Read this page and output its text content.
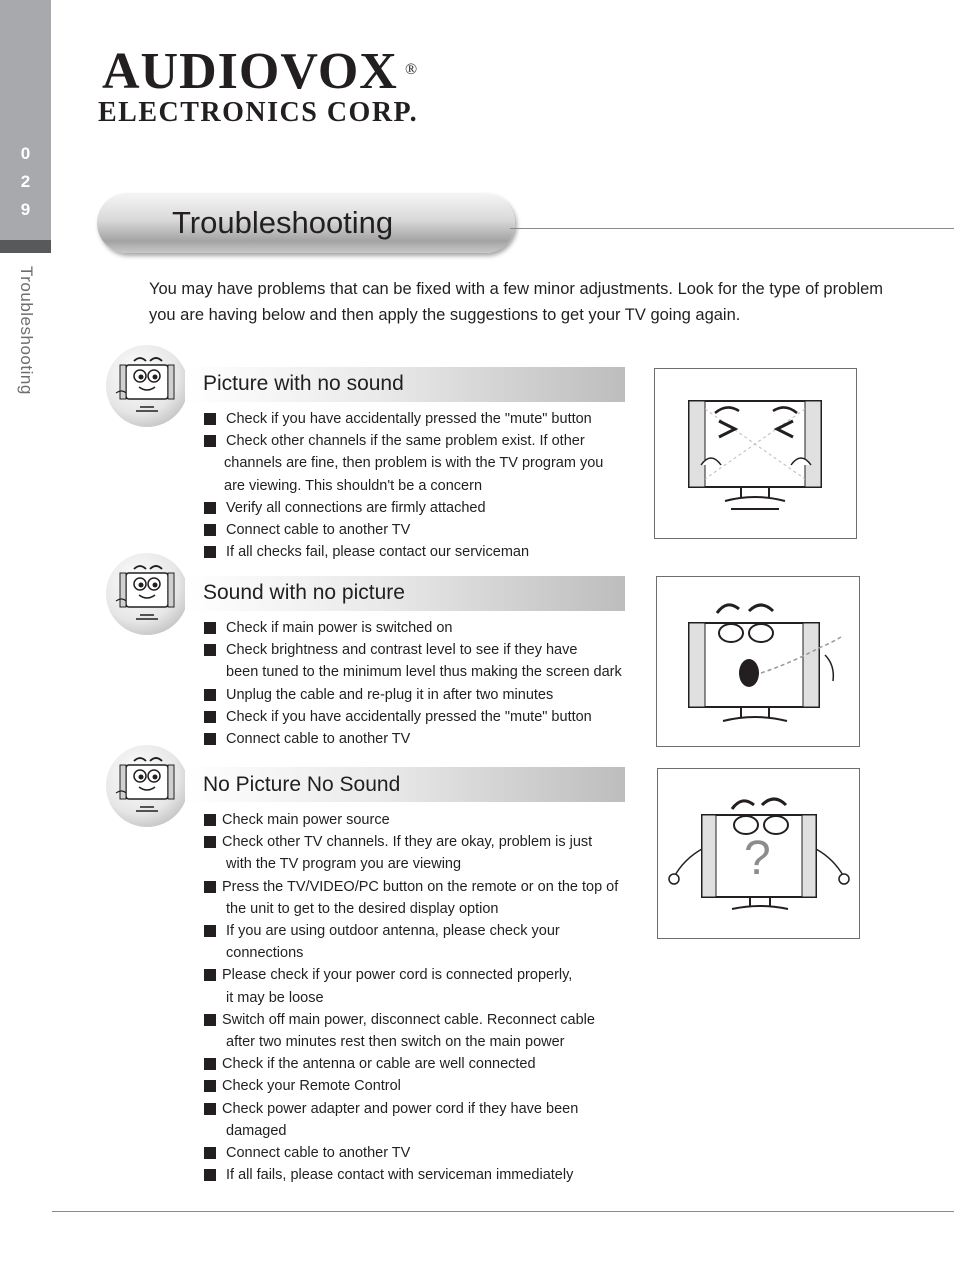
0
2
9
Troubleshooting
AUDIOVOX ®
ELECTRONICS CORP.
Troubleshooting
You may have problems that can be fixed with a few minor adjustments. Look for the type of problem you are having below and then apply the suggestions to get your TV going again.
Picture with no sound
Check if you have accidentally pressed the "mute" button
Check other channels if the same problem exist. If other
channels are fine, then problem is with the TV program you
are viewing. This shouldn't be a concern
Verify all connections are firmly attached
Connect cable to another TV
If all checks fail, please contact our serviceman
Sound with no picture
Check if main power is switched on
Check brightness and contrast level to see if they have
been tuned to the minimum level thus making the screen dark
Unplug the cable and re-plug it in after two minutes
Check if you have accidentally pressed the "mute" button
Connect cable to another TV
No Picture No Sound
Check main power source
Check other TV channels. If they are okay, problem is just
with the TV program you are viewing
Press the TV/VIDEO/PC button on the remote or on the top of
the unit to get to the desired display option
If you are using outdoor antenna, please check your
connections
Please check if your power cord is connected properly,
it may be loose
Switch off main power, disconnect cable. Reconnect cable
after two minutes rest then switch on the main power
Check if the antenna or cable are well connected
Check your Remote Control
Check power adapter and power cord if they have been
damaged
Connect cable to another TV
If all fails, please contact with serviceman immediately
?
